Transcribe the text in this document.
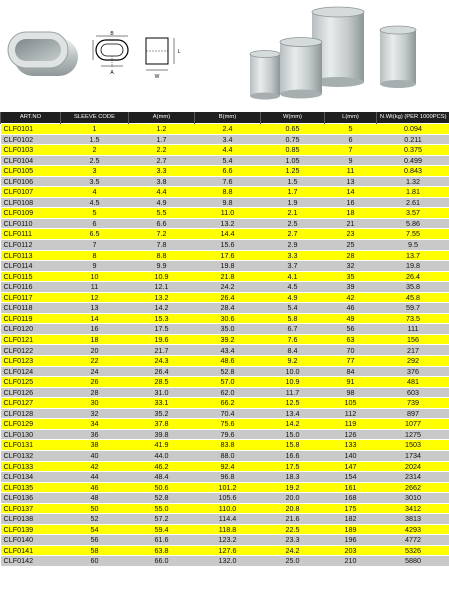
B
A
L
W
ART.NO	SLEEVE CODE	A(mm)	B(mm)	W(mm)	L(mm)	N.Wt(kg) (PER 1000PCS)
CLF0101	1	1.2	2.4	0.65	5	0.094
CLF0102	1.5	1.7	3.4	0.75	6	0.211
CLF0103	2	2.2	4.4	0.85	7	0.375
CLF0104	2.5	2.7	5.4	1.05	9	0.499
CLF0105	3	3.3	6.6	1.25	11	0.843
CLF0106	3.5	3.8	7.6	1.5	13	1.32
CLF0107	4	4.4	8.8	1.7	14	1.81
CLF0108	4.5	4.9	9.8	1.9	16	2.61
CLF0109	5	5.5	11.0	2.1	18	3.57
CLF0110	6	6.6	13.2	2.5	21	5.86
CLF0111	6.5	7.2	14.4	2.7	23	7.55
CLF0112	7	7.8	15.6	2.9	25	9.5
CLF0113	8	8.8	17.6	3.3	28	13.7
CLF0114	9	9.9	19.8	3.7	32	19.8
CLF0115	10	10.9	21.8	4.1	35	26.4
CLF0116	11	12.1	24.2	4.5	39	35.8
CLF0117	12	13.2	26.4	4.9	42	45.8
CLF0118	13	14.2	28.4	5.4	46	59.7
CLF0119	14	15.3	30.6	5.8	49	73.5
CLF0120	16	17.5	35.0	6.7	56	111
CLF0121	18	19.6	39.2	7.6	63	156
CLF0122	20	21.7	43.4	8.4	70	217
CLF0123	22	24.3	48.6	9.2	77	292
CLF0124	24	26.4	52.8	10.0	84	376
CLF0125	26	28.5	57.0	10.9	91	481
CLF0126	28	31.0	62.0	11.7	98	603
CLF0127	30	33.1	66.2	12.5	105	739
CLF0128	32	35.2	70.4	13.4	112	897
CLF0129	34	37.8	75.6	14.2	119	1077
CLF0130	36	39.8	79.6	15.0	126	1275
CLF0131	38	41.9	83.8	15.8	133	1503
CLF0132	40	44.0	88.0	16.6	140	1734
CLF0133	42	46.2	92.4	17.5	147	2024
CLF0134	44	48.4	96.8	18.3	154	2314
CLF0135	46	50.6	101.2	19.2	161	2662
CLF0136	48	52.8	105.6	20.0	168	3010
CLF0137	50	55.0	110.0	20.8	175	3412
CLF0138	52	57.2	114.4	21.6	182	3813
CLF0139	54	59.4	118.8	22.5	189	4293
CLF0140	56	61.6	123.2	23.3	196	4772
CLF0141	58	63.8	127.6	24.2	203	5326
CLF0142	60	66.0	132.0	25.0	210	5880
